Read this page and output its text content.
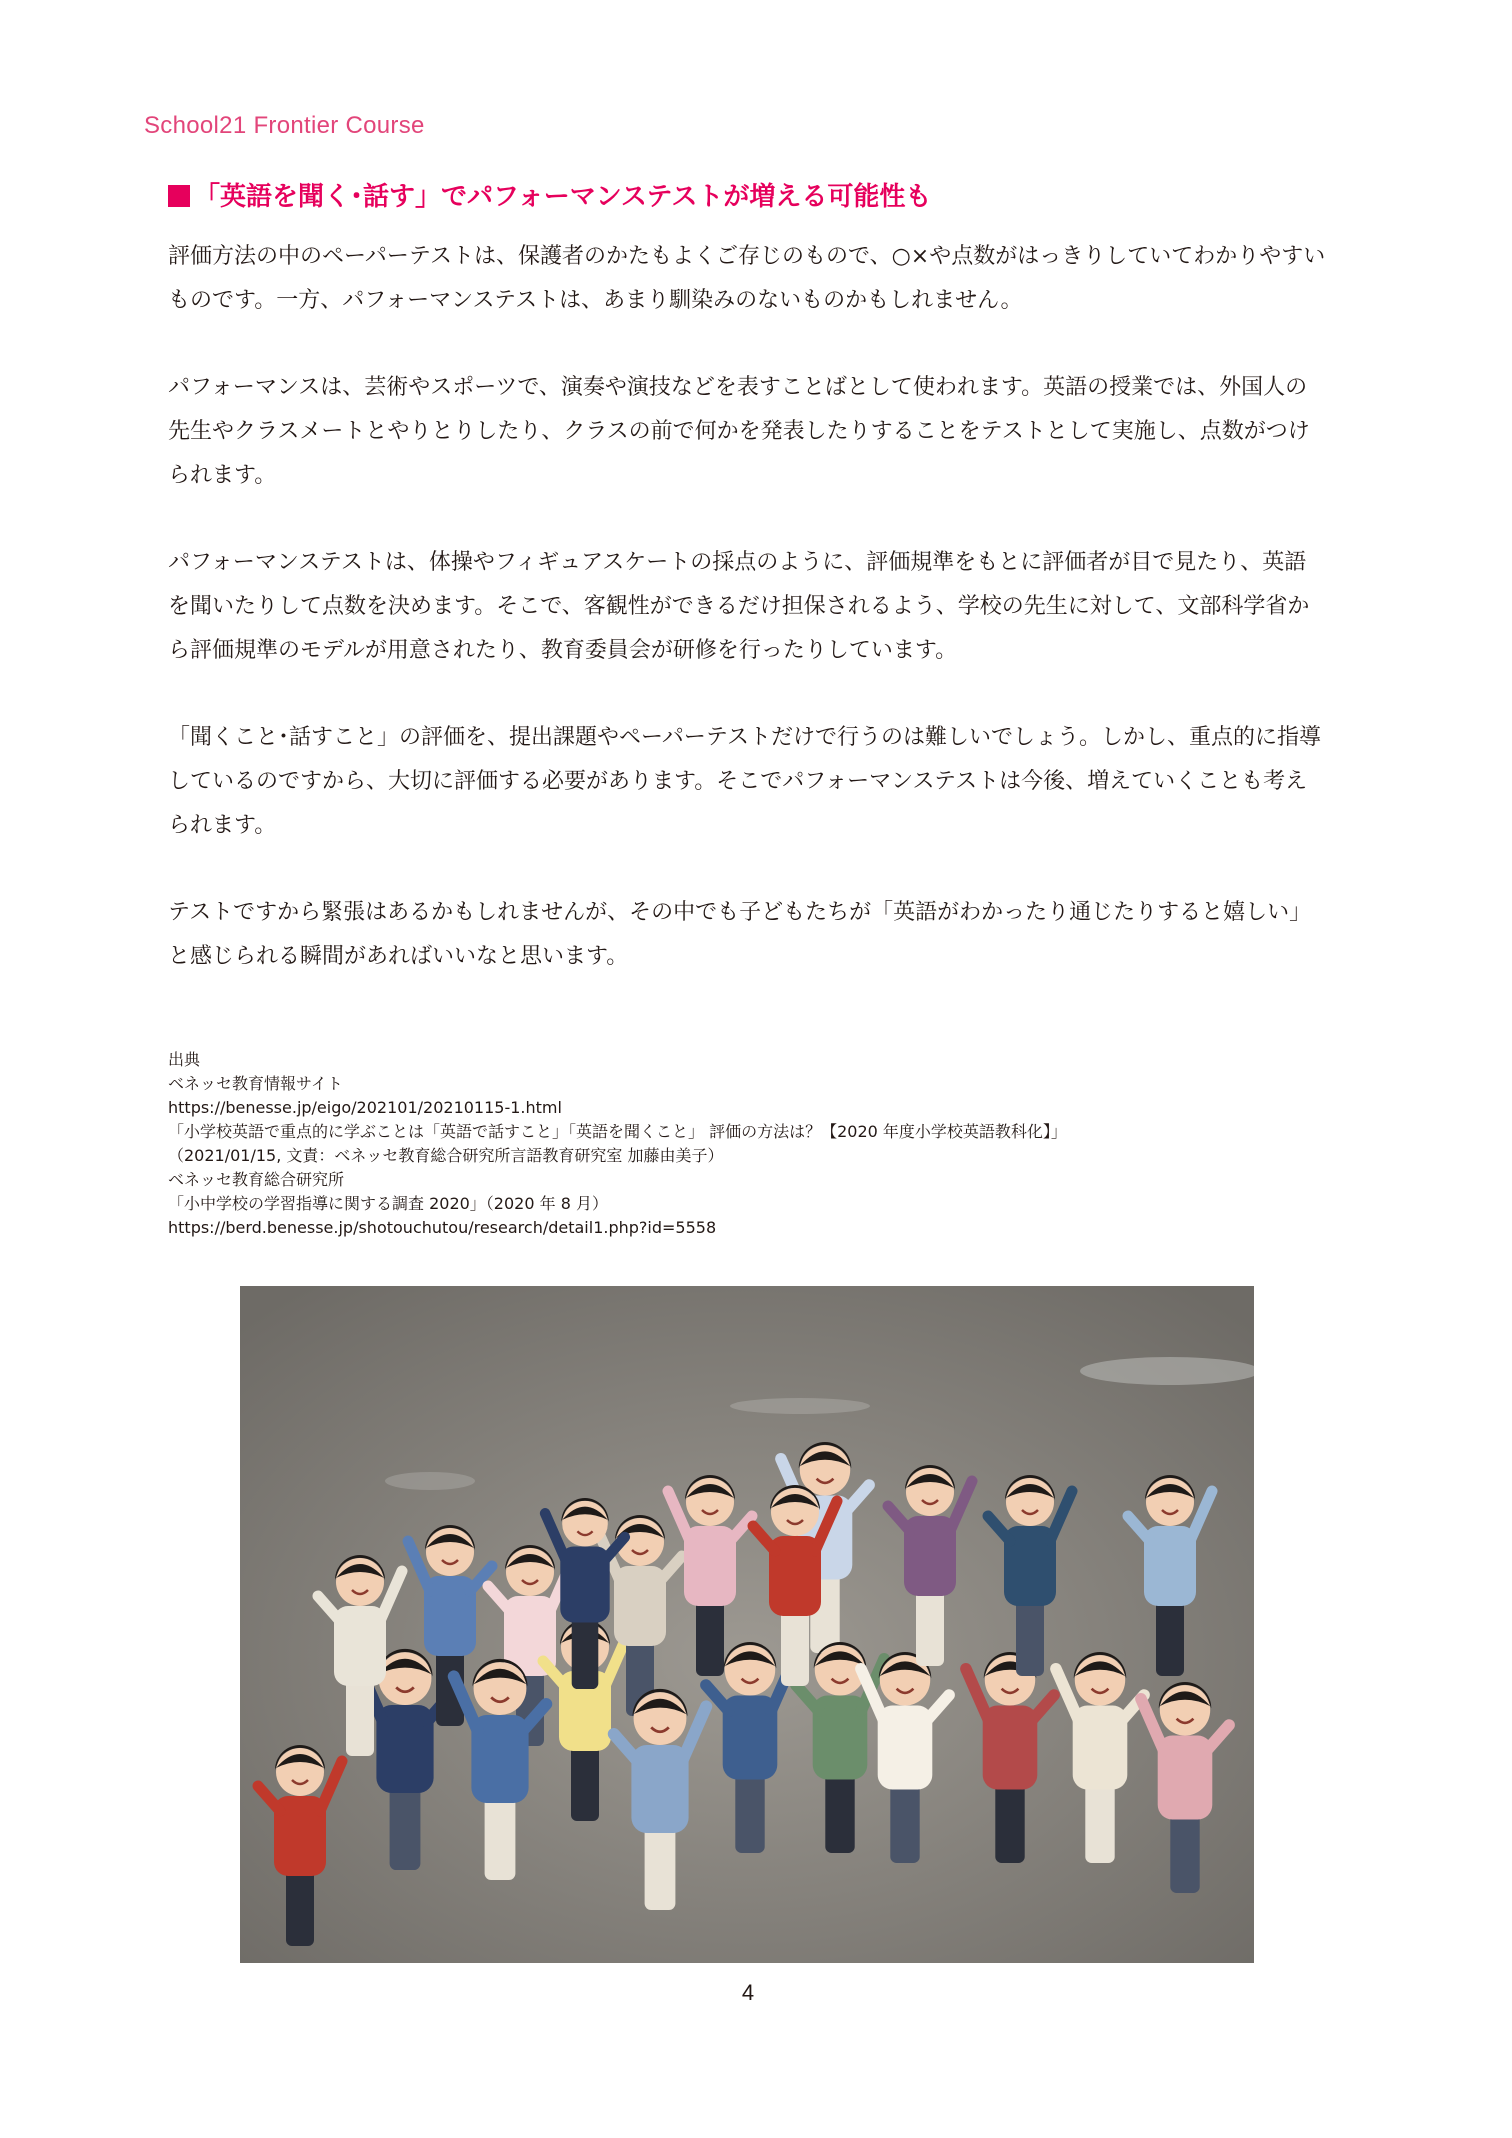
School21 Frontier Course
「英語を聞く･話す」でパフォーマンステストが増える可能性も

評価方法の中のペーパーテストは、保護者のかたもよくご存じのもので、○×や点数がはっきりしていてわかりやすいものです。一方、パフォーマンステストは、あまり馴染みのないものかもしれません。

パフォーマンスは、芸術やスポーツで、演奏や演技などを表すことばとして使われます。英語の授業では、外国人の先生やクラスメートとやりとりしたり、クラスの前で何かを発表したりすることをテストとして実施し、点数がつけられます。

パフォーマンステストは、体操やフィギュアスケートの採点のように、評価規準をもとに評価者が目で見たり、英語を聞いたりして点数を決めます。そこで、客観性ができるだけ担保されるよう、学校の先生に対して、文部科学省から評価規準のモデルが用意されたり、教育委員会が研修を行ったりしています。

「聞くこと･話すこと」の評価を、提出課題やペーパーテストだけで行うのは難しいでしょう。しかし、重点的に指導しているのですから、大切に評価する必要があります。そこでパフォーマンステストは今後、増えていくことも考えられます。

テストですから緊張はあるかもしれませんが、その中でも子どもたちが「英語がわかったり通じたりすると嬉しい」と感じられる瞬間があればいいなと思います。

出典
ベネッセ教育情報サイト
https://benesse.jp/eigo/202101/20210115-1.html
「小学校英語で重点的に学ぶことは「英語で話すこと」「英語を聞くこと」 評価の方法は？【2020 年度小学校英語教科化】」
（2021/01/15, 文責：ベネッセ教育総合研究所言語教育研究室 加藤由美子）
ベネッセ教育総合研究所
「小中学校の学習指導に関する調査 2020」（2020 年 8 月）
https://berd.benesse.jp/shotouchutou/research/detail1.php?id=5558
4
